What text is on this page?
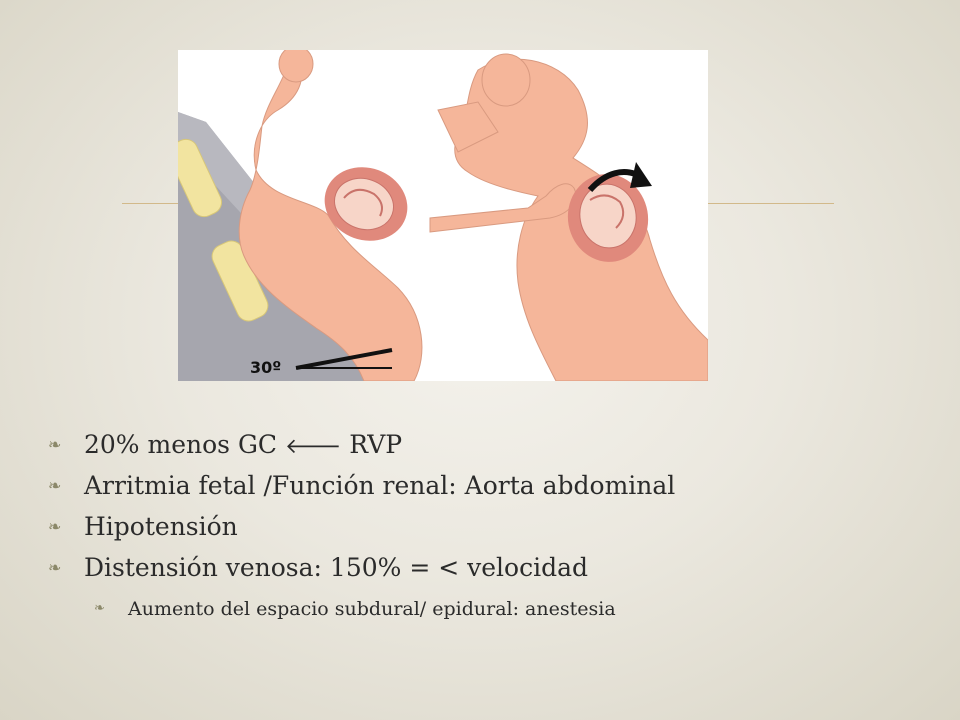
30º
❧ 20% menos GC 🡐 RVP
❧ Arritmia fetal /Función renal: Aorta abdominal
❧ Hipotensión
❧ Distensión venosa: 150% = < velocidad
❧ Aumento del espacio subdural/ epidural: anestesia
